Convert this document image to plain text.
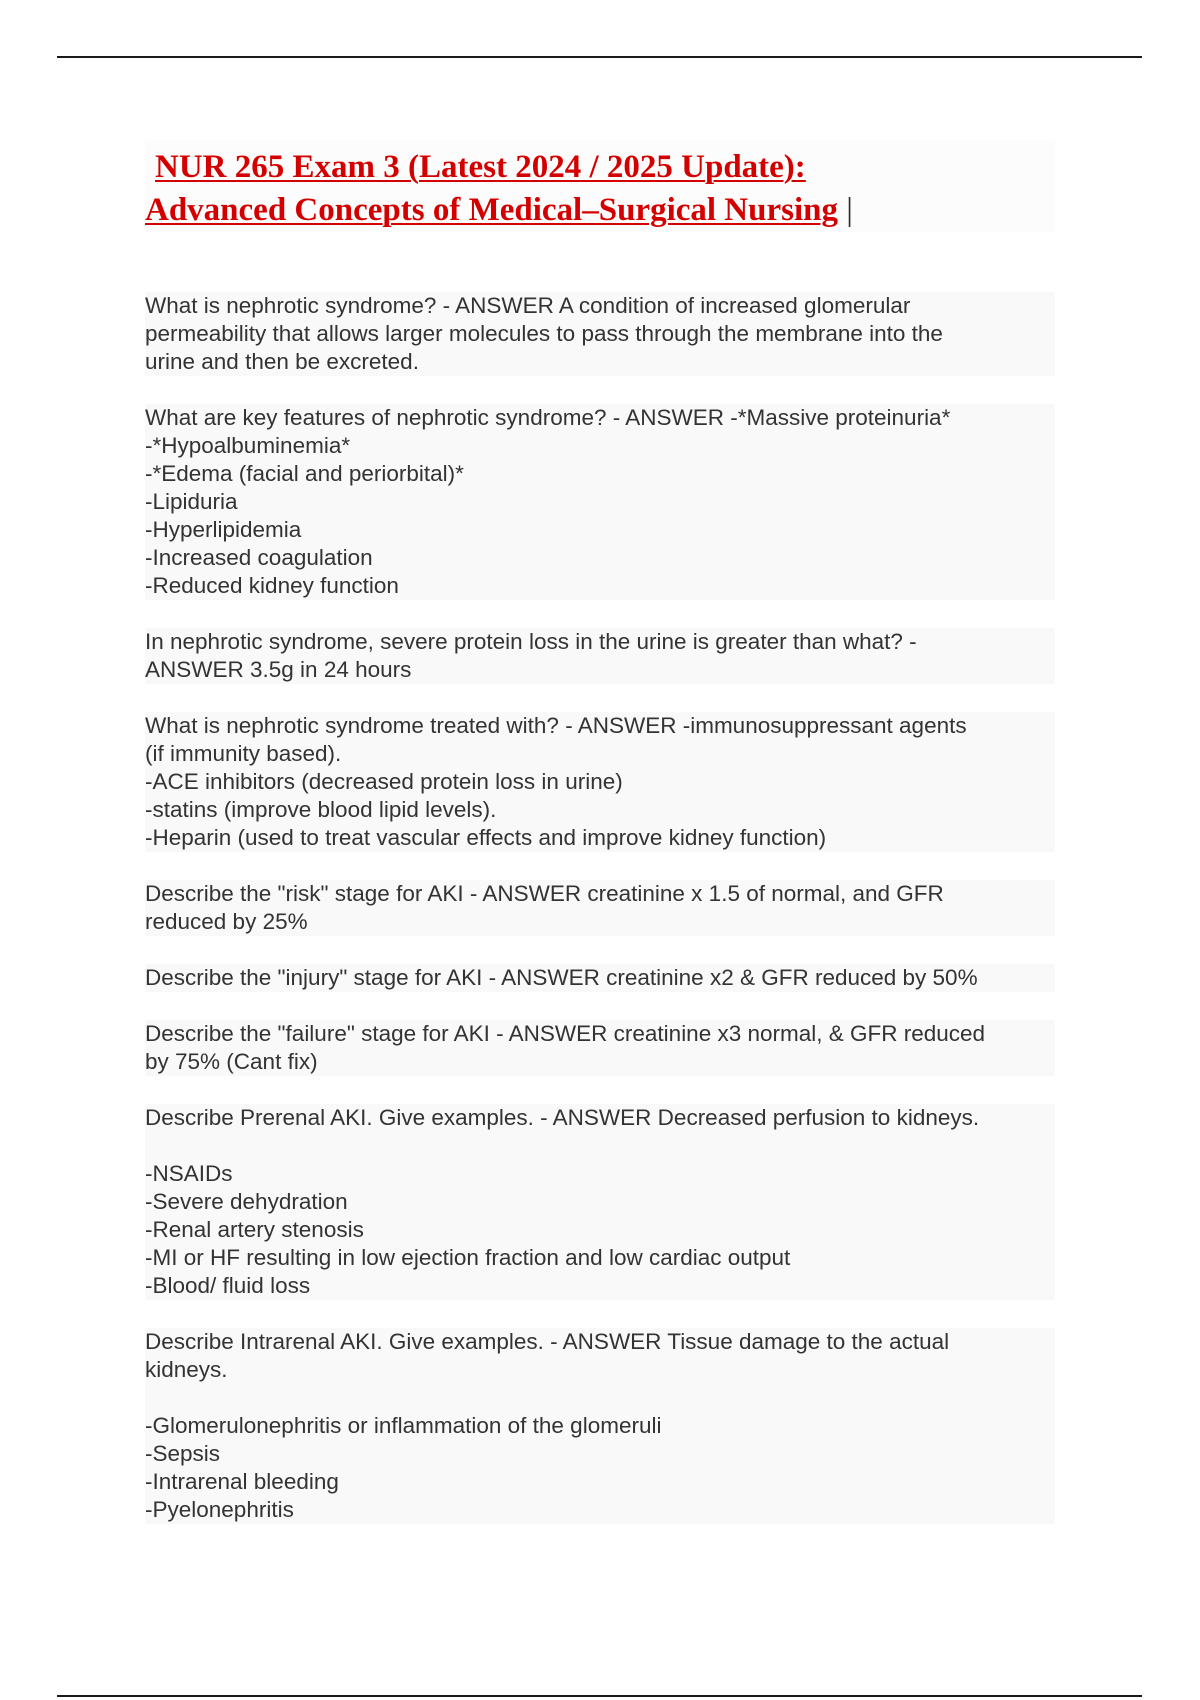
NUR 265 Exam 3 (Latest 2024 / 2025 Update):
Advanced Concepts of Medical–Surgical Nursing |
What is nephrotic syndrome? - ANSWER A condition of increased glomerular
permeability that allows larger molecules to pass through the membrane into the
urine and then be excreted.
What are key features of nephrotic syndrome? - ANSWER -*Massive proteinuria*
-*Hypoalbuminemia*
-*Edema (facial and periorbital)*
-Lipiduria
-Hyperlipidemia
-Increased coagulation
-Reduced kidney function
In nephrotic syndrome, severe protein loss in the urine is greater than what? -
ANSWER 3.5g in 24 hours
What is nephrotic syndrome treated with? - ANSWER -immunosuppressant agents
(if immunity based).
-ACE inhibitors (decreased protein loss in urine)
-statins (improve blood lipid levels).
-Heparin (used to treat vascular effects and improve kidney function)
Describe the "risk" stage for AKI - ANSWER creatinine x 1.5 of normal, and GFR
reduced by 25%
Describe the "injury" stage for AKI - ANSWER creatinine x2 & GFR reduced by 50%
Describe the "failure" stage for AKI - ANSWER creatinine x3 normal, & GFR reduced
by 75% (Cant fix)
Describe Prerenal AKI. Give examples. - ANSWER Decreased perfusion to kidneys.
-NSAIDs
-Severe dehydration
-Renal artery stenosis
-MI or HF resulting in low ejection fraction and low cardiac output
-Blood/ fluid loss
Describe Intrarenal AKI. Give examples. - ANSWER Tissue damage to the actual
kidneys.
-Glomerulonephritis or inflammation of the glomeruli
-Sepsis
-Intrarenal bleeding
-Pyelonephritis
